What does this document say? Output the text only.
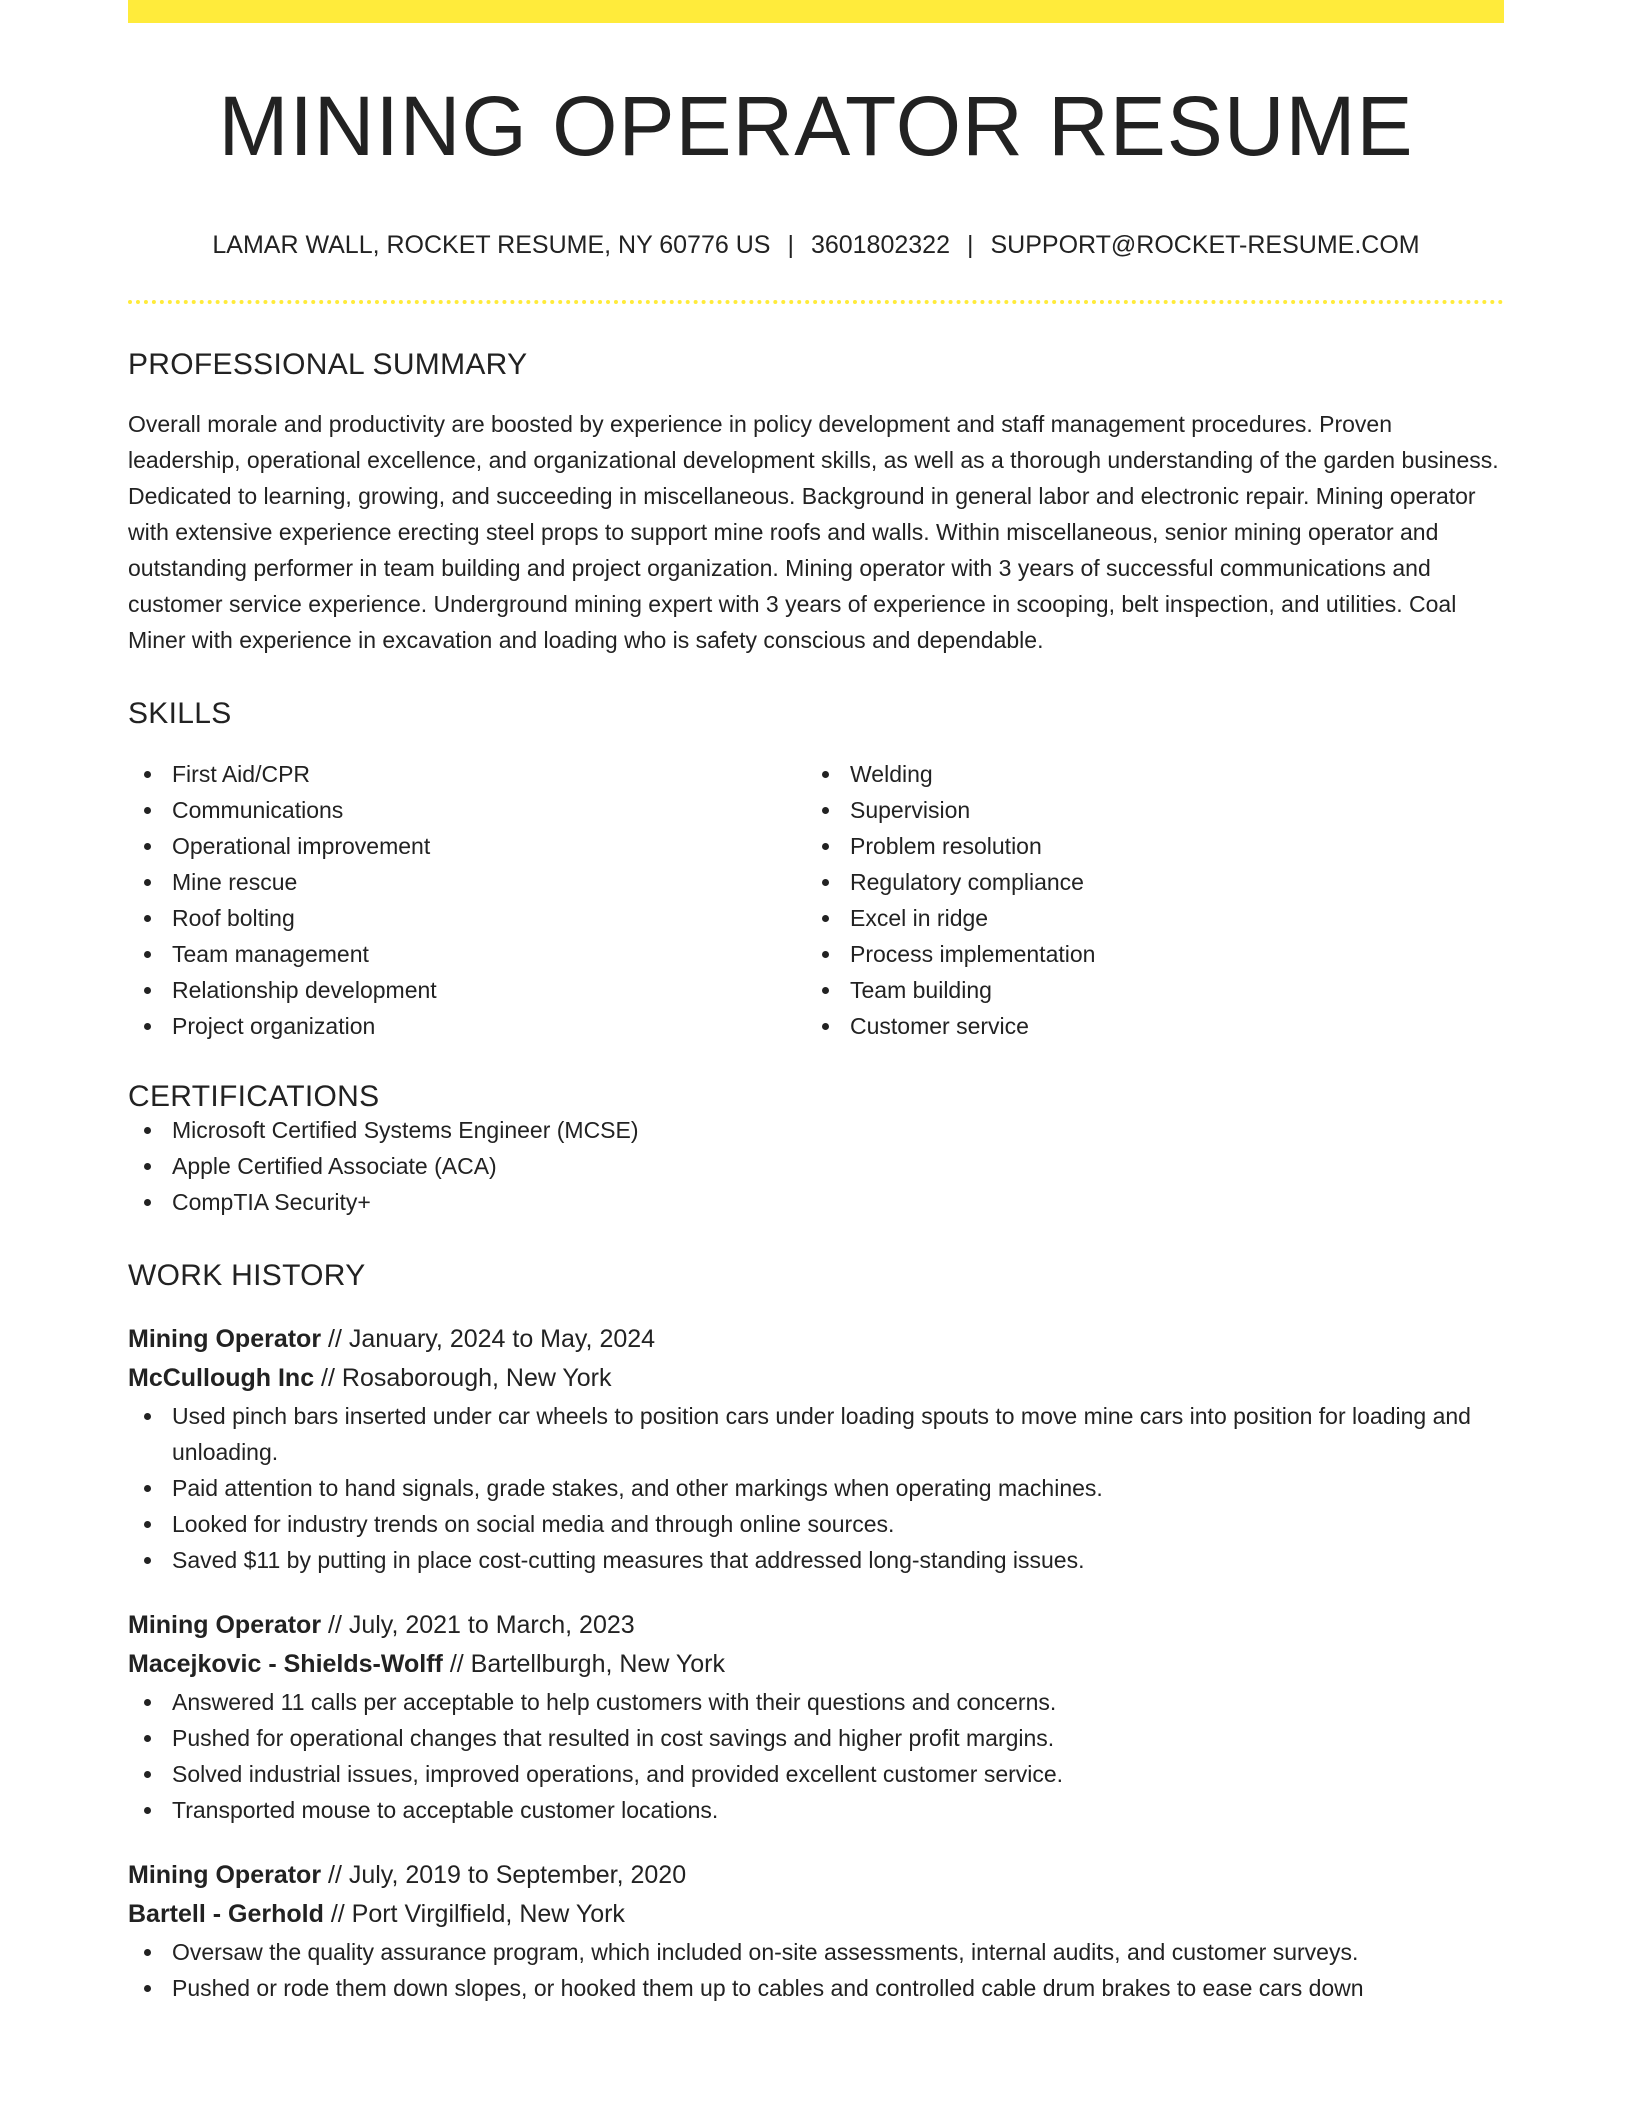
MINING OPERATOR RESUME
LAMAR WALL, ROCKET RESUME, NY 60776 US | 3601802322 | SUPPORT@ROCKET-RESUME.COM
PROFESSIONAL SUMMARY

Overall morale and productivity are boosted by experience in policy development and staff management procedures. Proven leadership, operational excellence, and organizational development skills, as well as a thorough understanding of the garden business. Dedicated to learning, growing, and succeeding in miscellaneous. Background in general labor and electronic repair. Mining operator with extensive experience erecting steel props to support mine roofs and walls. Within miscellaneous, senior mining operator and outstanding performer in team building and project organization. Mining operator with 3 years of successful communications and customer service experience. Underground mining expert with 3 years of experience in scooping, belt inspection, and utilities. Coal Miner with experience in excavation and loading who is safety conscious and dependable.

SKILLS
First Aid/CPR
Communications
Operational improvement
Mine rescue
Roof bolting
Team management
Relationship development
Project organization
Welding
Supervision
Problem resolution
Regulatory compliance
Excel in ridge
Process implementation
Team building
Customer service
CERTIFICATIONS
Microsoft Certified Systems Engineer (MCSE)
Apple Certified Associate (ACA)
CompTIA Security+
WORK HISTORY
Mining Operator // January, 2024 to May, 2024
McCullough Inc // Rosaborough, New York
Used pinch bars inserted under car wheels to position cars under loading spouts to move mine cars into position for loading and unloading.
Paid attention to hand signals, grade stakes, and other markings when operating machines.
Looked for industry trends on social media and through online sources.
Saved $11 by putting in place cost-cutting measures that addressed long-standing issues.
Mining Operator // July, 2021 to March, 2023
Macejkovic - Shields-Wolff // Bartellburgh, New York
Answered 11 calls per acceptable to help customers with their questions and concerns.
Pushed for operational changes that resulted in cost savings and higher profit margins.
Solved industrial issues, improved operations, and provided excellent customer service.
Transported mouse to acceptable customer locations.
Mining Operator // July, 2019 to September, 2020
Bartell - Gerhold // Port Virgilfield, New York
Oversaw the quality assurance program, which included on-site assessments, internal audits, and customer surveys.
Pushed or rode them down slopes, or hooked them up to cables and controlled cable drum brakes to ease cars down
